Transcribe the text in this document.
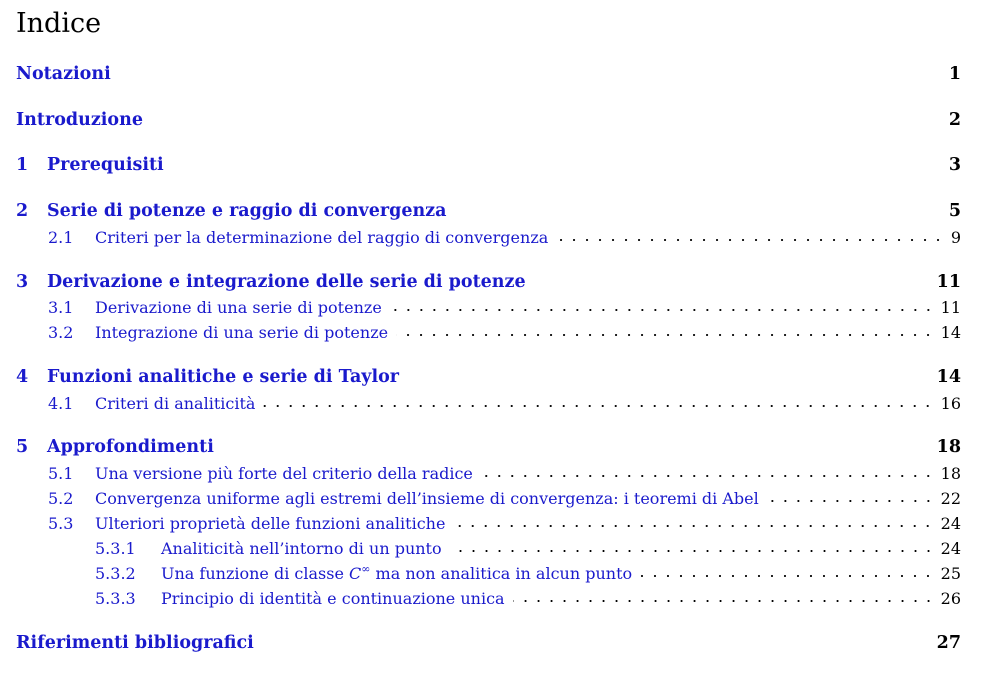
Indice
Notazioni	1
Introduzione	2
1	Prerequisiti	3
2	Serie di potenze e raggio di convergenza	5
2.1	Criteri per la determinazione del raggio di convergenza	9
3	Derivazione e integrazione delle serie di potenze	11
3.1	Derivazione di una serie di potenze	11
3.2	Integrazione di una serie di potenze	14
4	Funzioni analitiche e serie di Taylor	14
4.1	Criteri di analiticità	16
5	Approfondimenti	18
5.1	Una versione più forte del criterio della radice	18
5.2	Convergenza uniforme agli estremi dell’insieme di convergenza: i teoremi di Abel	22
5.3	Ulteriori proprietà delle funzioni analitiche	24
5.3.1	Analiticità nell’intorno di un punto	24
5.3.2	Una funzione di classe C∞ ma non analitica in alcun punto	25
5.3.3	Principio di identità e continuazione unica	26
Riferimenti bibliografici	27
